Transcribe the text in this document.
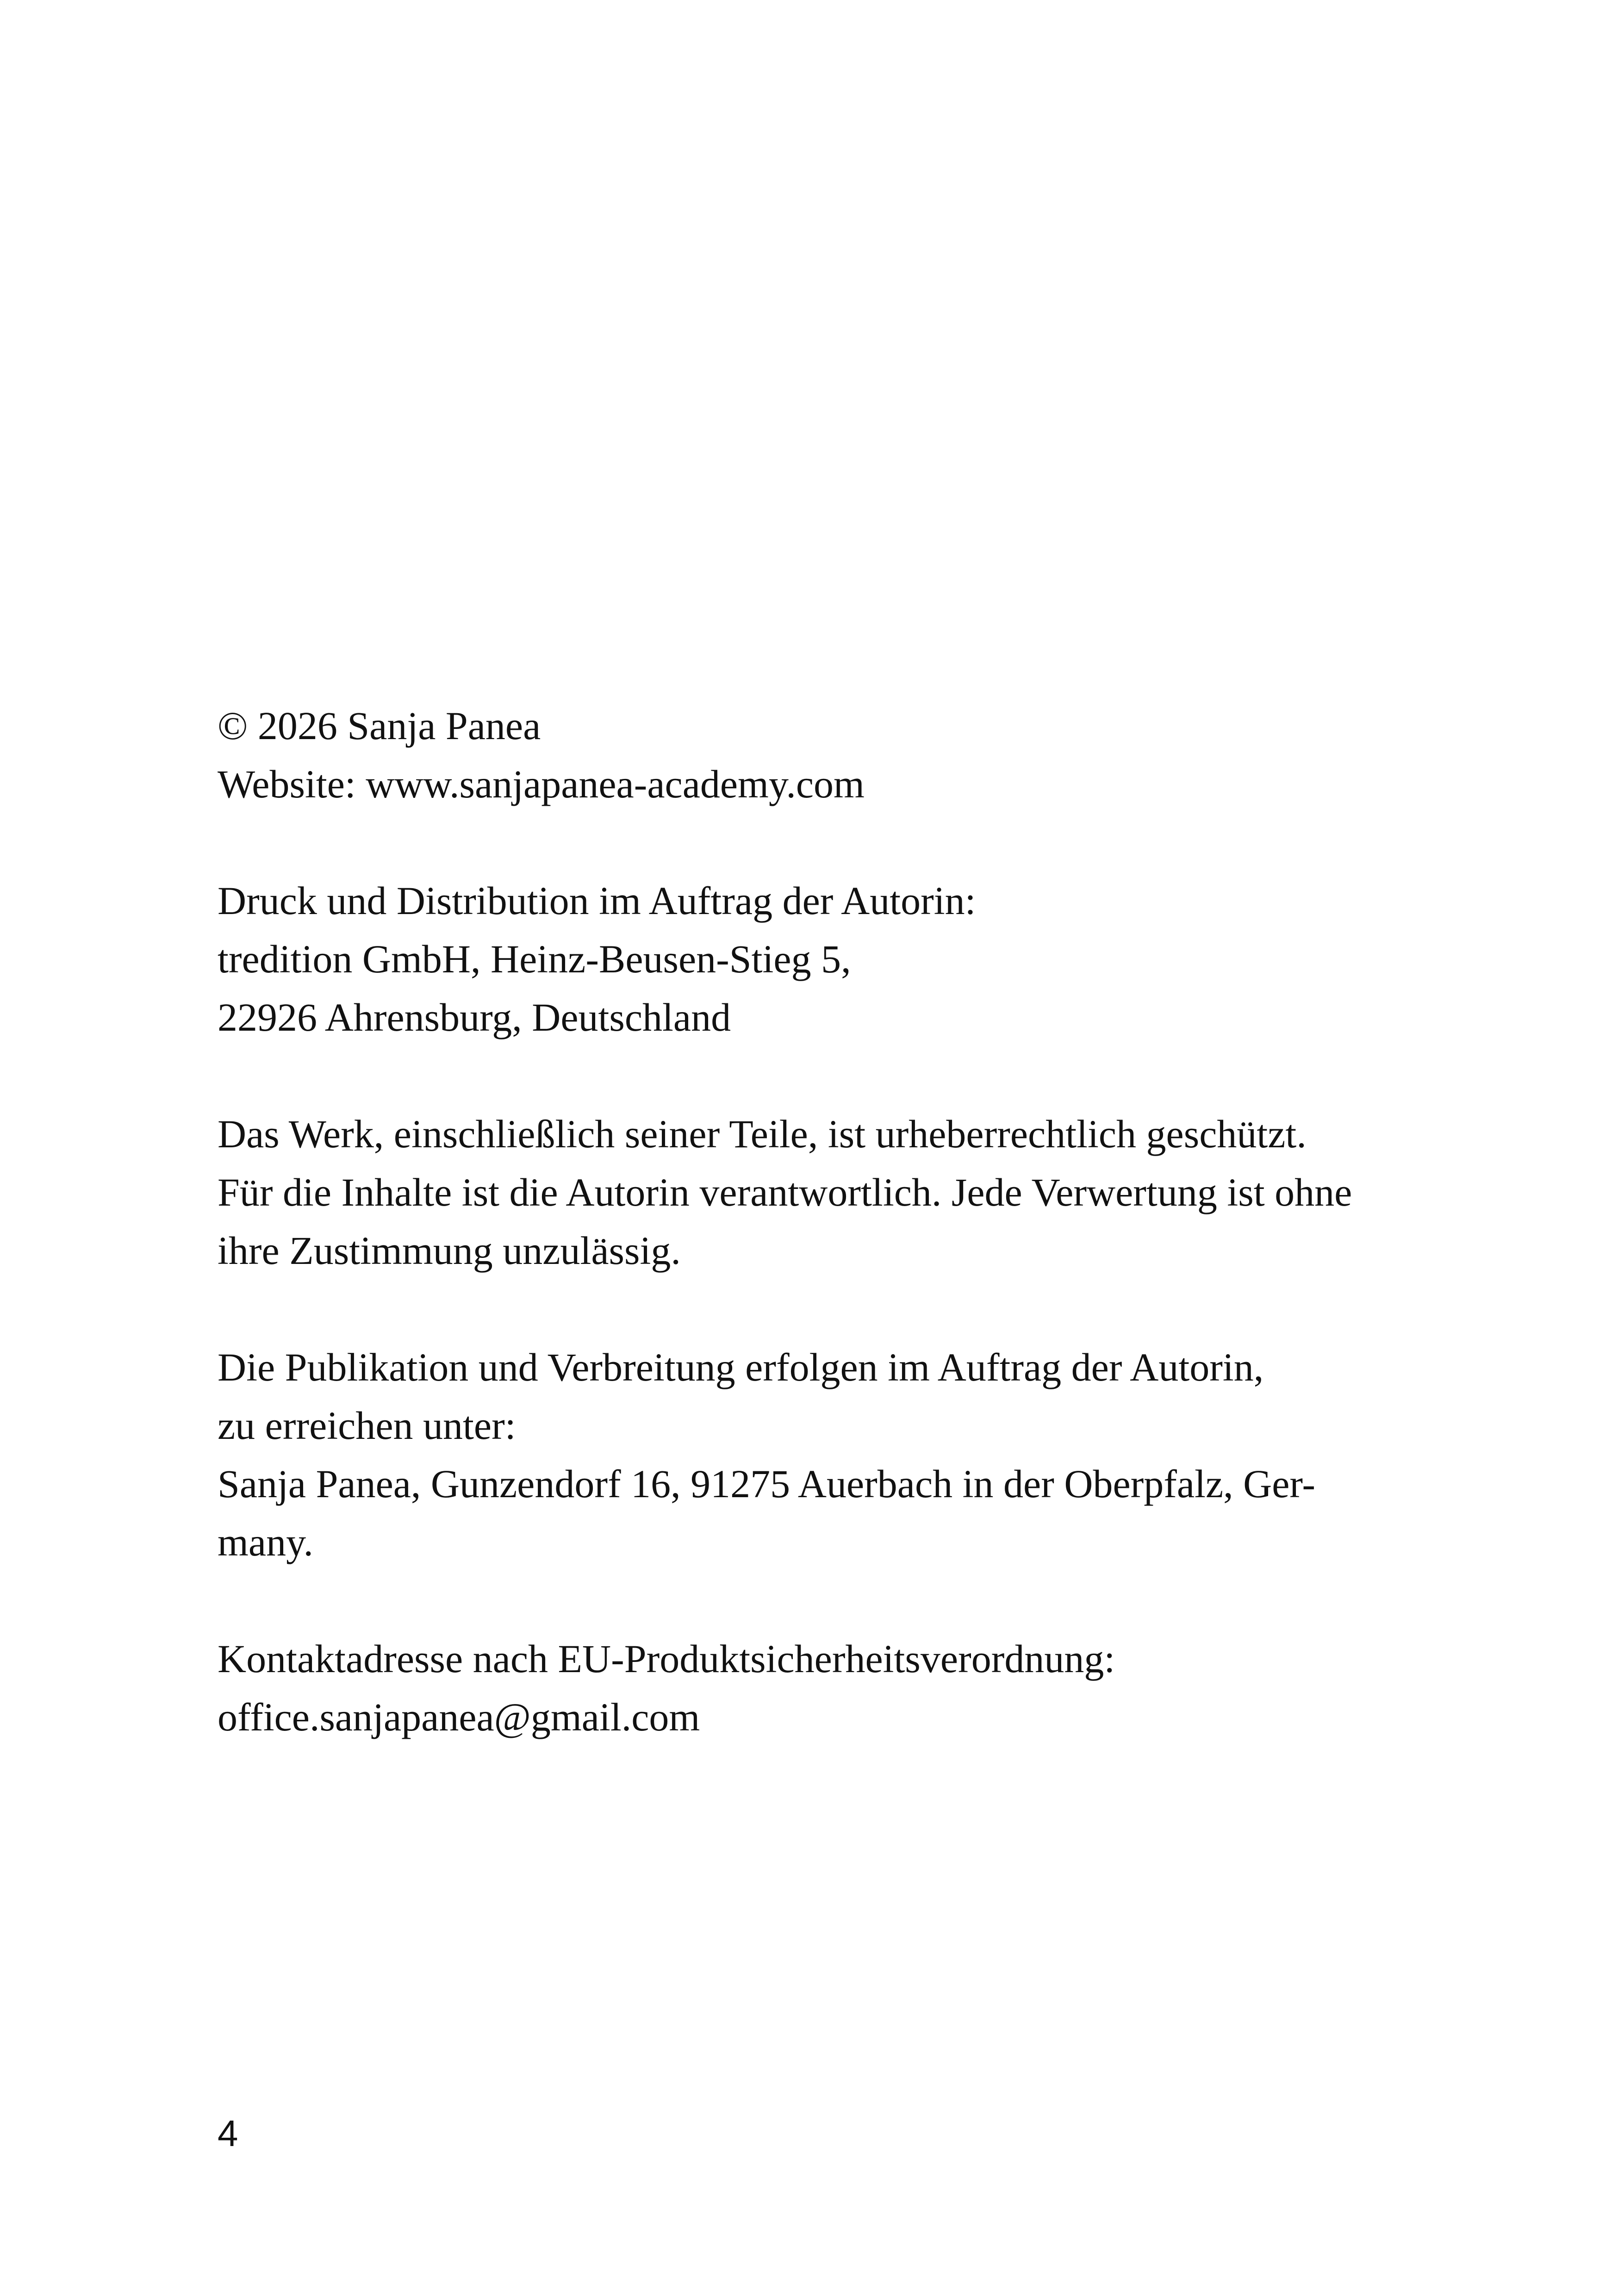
© 2026 Sanja Panea
Website: www.sanjapanea-academy.com
Druck und Distribution im Auftrag der Autorin:
tredition GmbH, Heinz-Beusen-Stieg 5,
22926 Ahrensburg, Deutschland
Das Werk, einschließlich seiner Teile, ist urheberrechtlich geschützt.
Für die Inhalte ist die Autorin verantwortlich. Jede Verwertung ist ohne
ihre Zustimmung unzulässig.
Die Publikation und Verbreitung erfolgen im Auftrag der Autorin,
zu erreichen unter:
Sanja Panea, Gunzendorf 16, 91275 Auerbach in der Oberpfalz, Ger-
many.
Kontaktadresse nach EU-Produktsicherheitsverordnung:
office.sanjapanea@gmail.com
4
